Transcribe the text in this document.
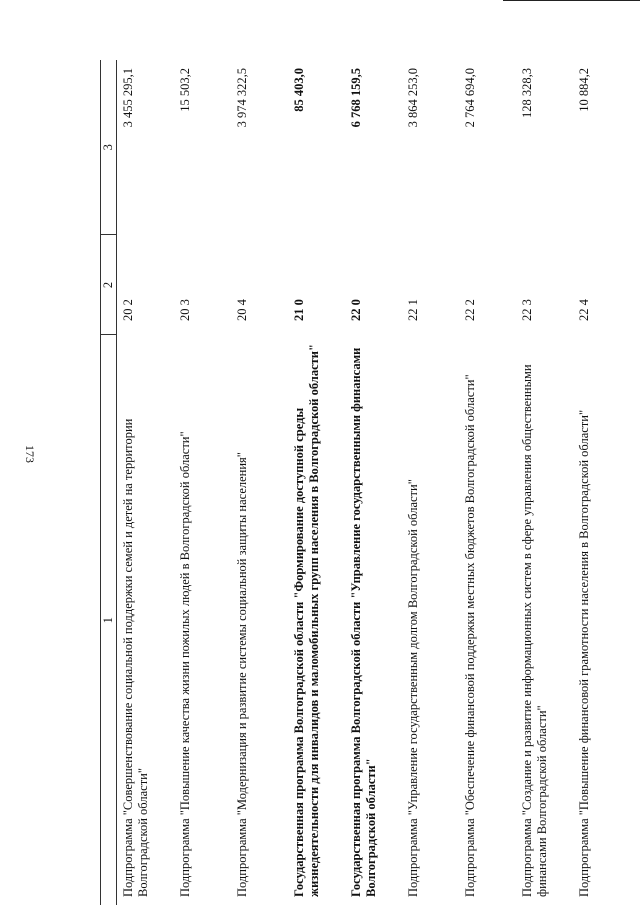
173
1	2	3
Подпрограмма "Совершенствование социальной поддержки семей и детей на территории Волгоградской области"	20 2	3 455 295,1
Подпрограмма "Повышение качества жизни пожилых людей в Волгоградской области"	20 3	15 503,2
Подпрограмма "Модернизация и развитие системы социальной защиты населения"	20 4	3 974 322,5
Государственная программа Волгоградской области "Формирование доступной среды жизнедеятельности для инвалидов и маломобильных групп населения в Волгоградской области"	21 0	85 403,0
Государственная программа Волгоградской области "Управление государственными финансами Волгоградской области"	22 0	6 768 159,5
Подпрограмма "Управление государственным долгом Волгоградской области"	22 1	3 864 253,0
Подпрограмма "Обеспечение финансовой поддержки местных бюджетов Волгоградской области"	22 2	2 764 694,0
Подпрограмма "Создание и развитие информационных систем в сфере управления общественными финансами Волгоградской области"	22 3	128 328,3
Подпрограмма "Повышение финансовой грамотности населения в Волгоградской области"	22 4	10 884,2
